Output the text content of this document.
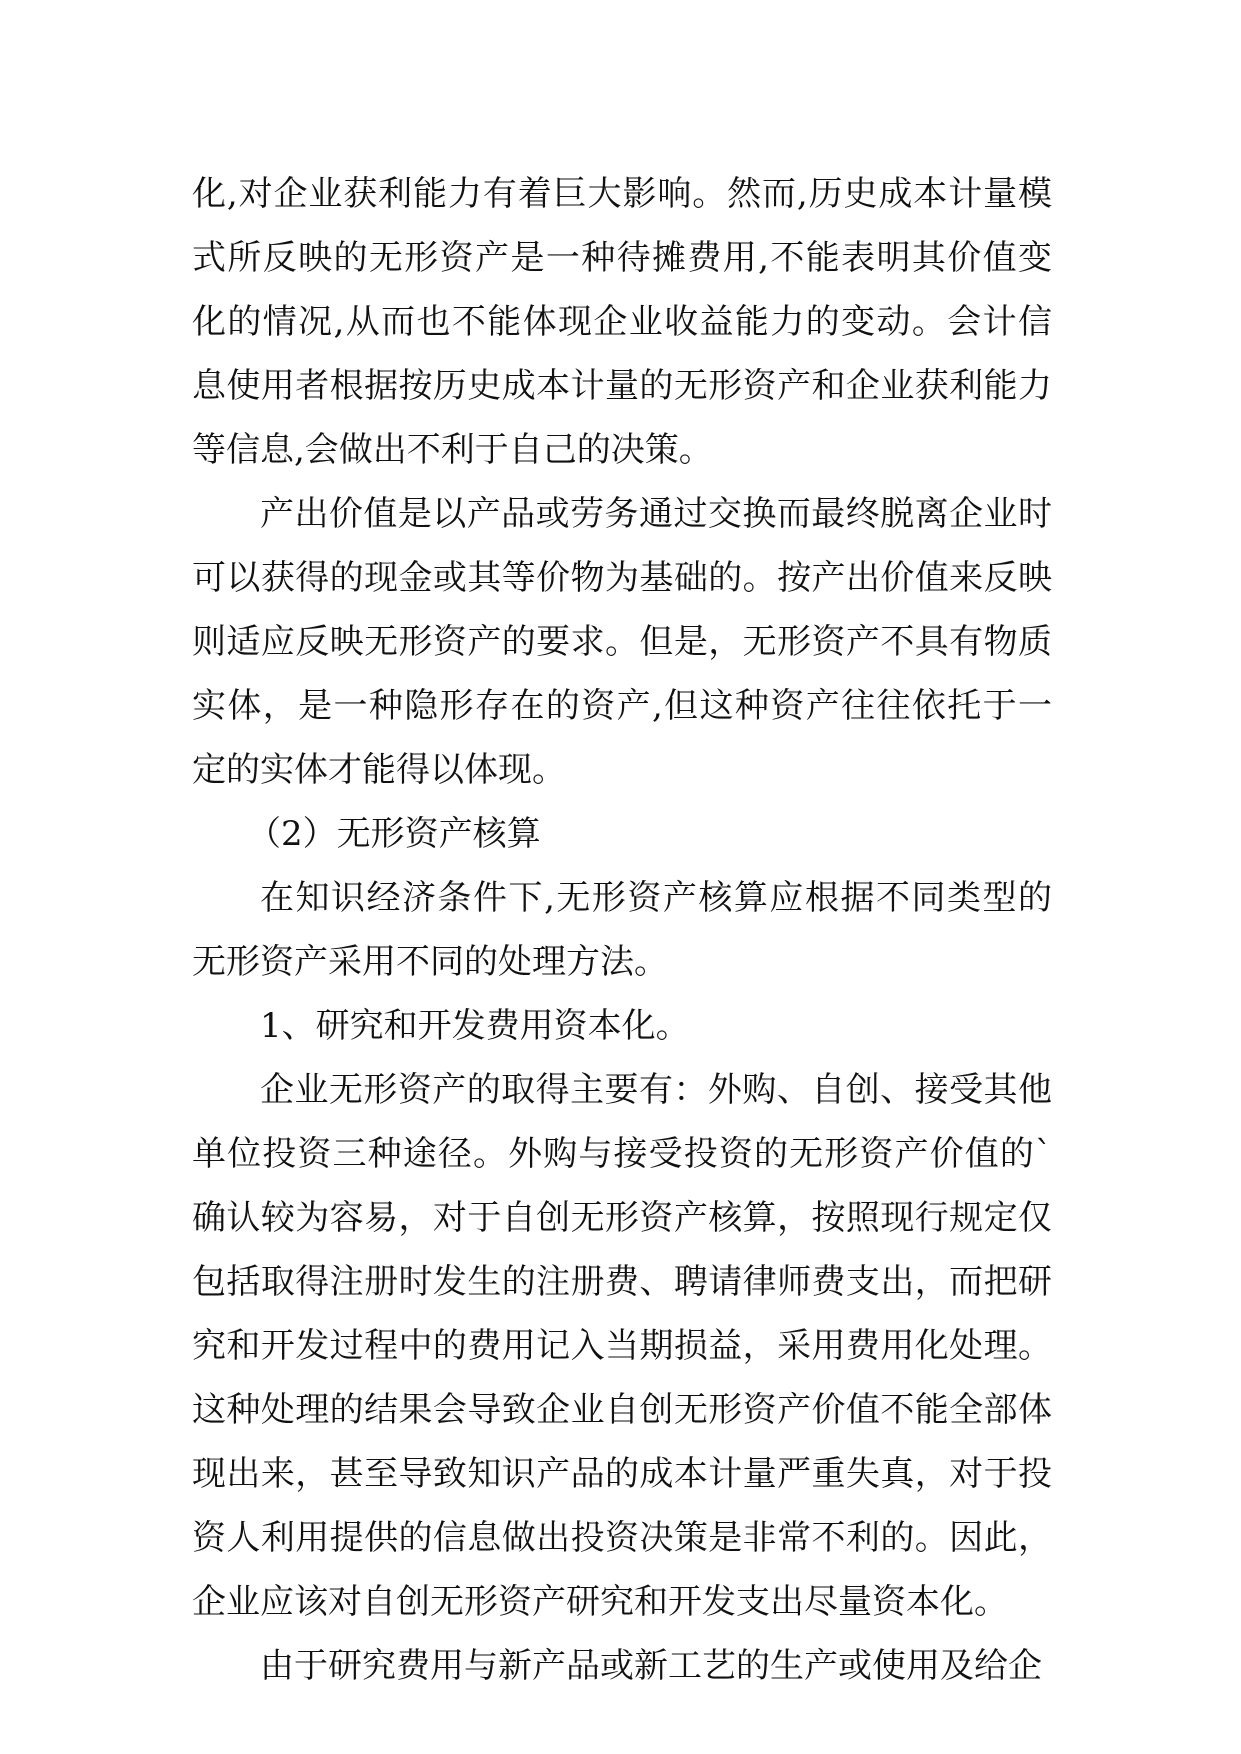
化,对企业获利能力有着巨大影响。然而,历史成本计量模式所反映的无形资产是一种待摊费用,不能表明其价值变化的情况,从而也不能体现企业收益能力的变动。会计信息使用者根据按历史成本计量的无形资产和企业获利能力等信息,会做出不利于自己的决策。

产出价值是以产品或劳务通过交换而最终脱离企业时可以获得的现金或其等价物为基础的。按产出价值来反映则适应反映无形资产的要求。但是，无形资产不具有物质实体，是一种隐形存在的资产,但这种资产往往依托于一定的实体才能得以体现。

（2）无形资产核算

在知识经济条件下,无形资产核算应根据不同类型的无形资产采用不同的处理方法。

1、研究和开发费用资本化。

企业无形资产的取得主要有：外购、自创、接受其他单位投资三种途径。外购与接受投资的无形资产价值的`确认较为容易，对于自创无形资产核算，按照现行规定仅包括取得注册时发生的注册费、聘请律师费支出，而把研究和开发过程中的费用记入当期损益，采用费用化处理。这种处理的结果会导致企业自创无形资产价值不能全部体现出来，甚至导致知识产品的成本计量严重失真，对于投资人利用提供的信息做出投资决策是非常不利的。因此，企业应该对自创无形资产研究和开发支出尽量资本化。

由于研究费用与新产品或新工艺的生产或使用及给企
